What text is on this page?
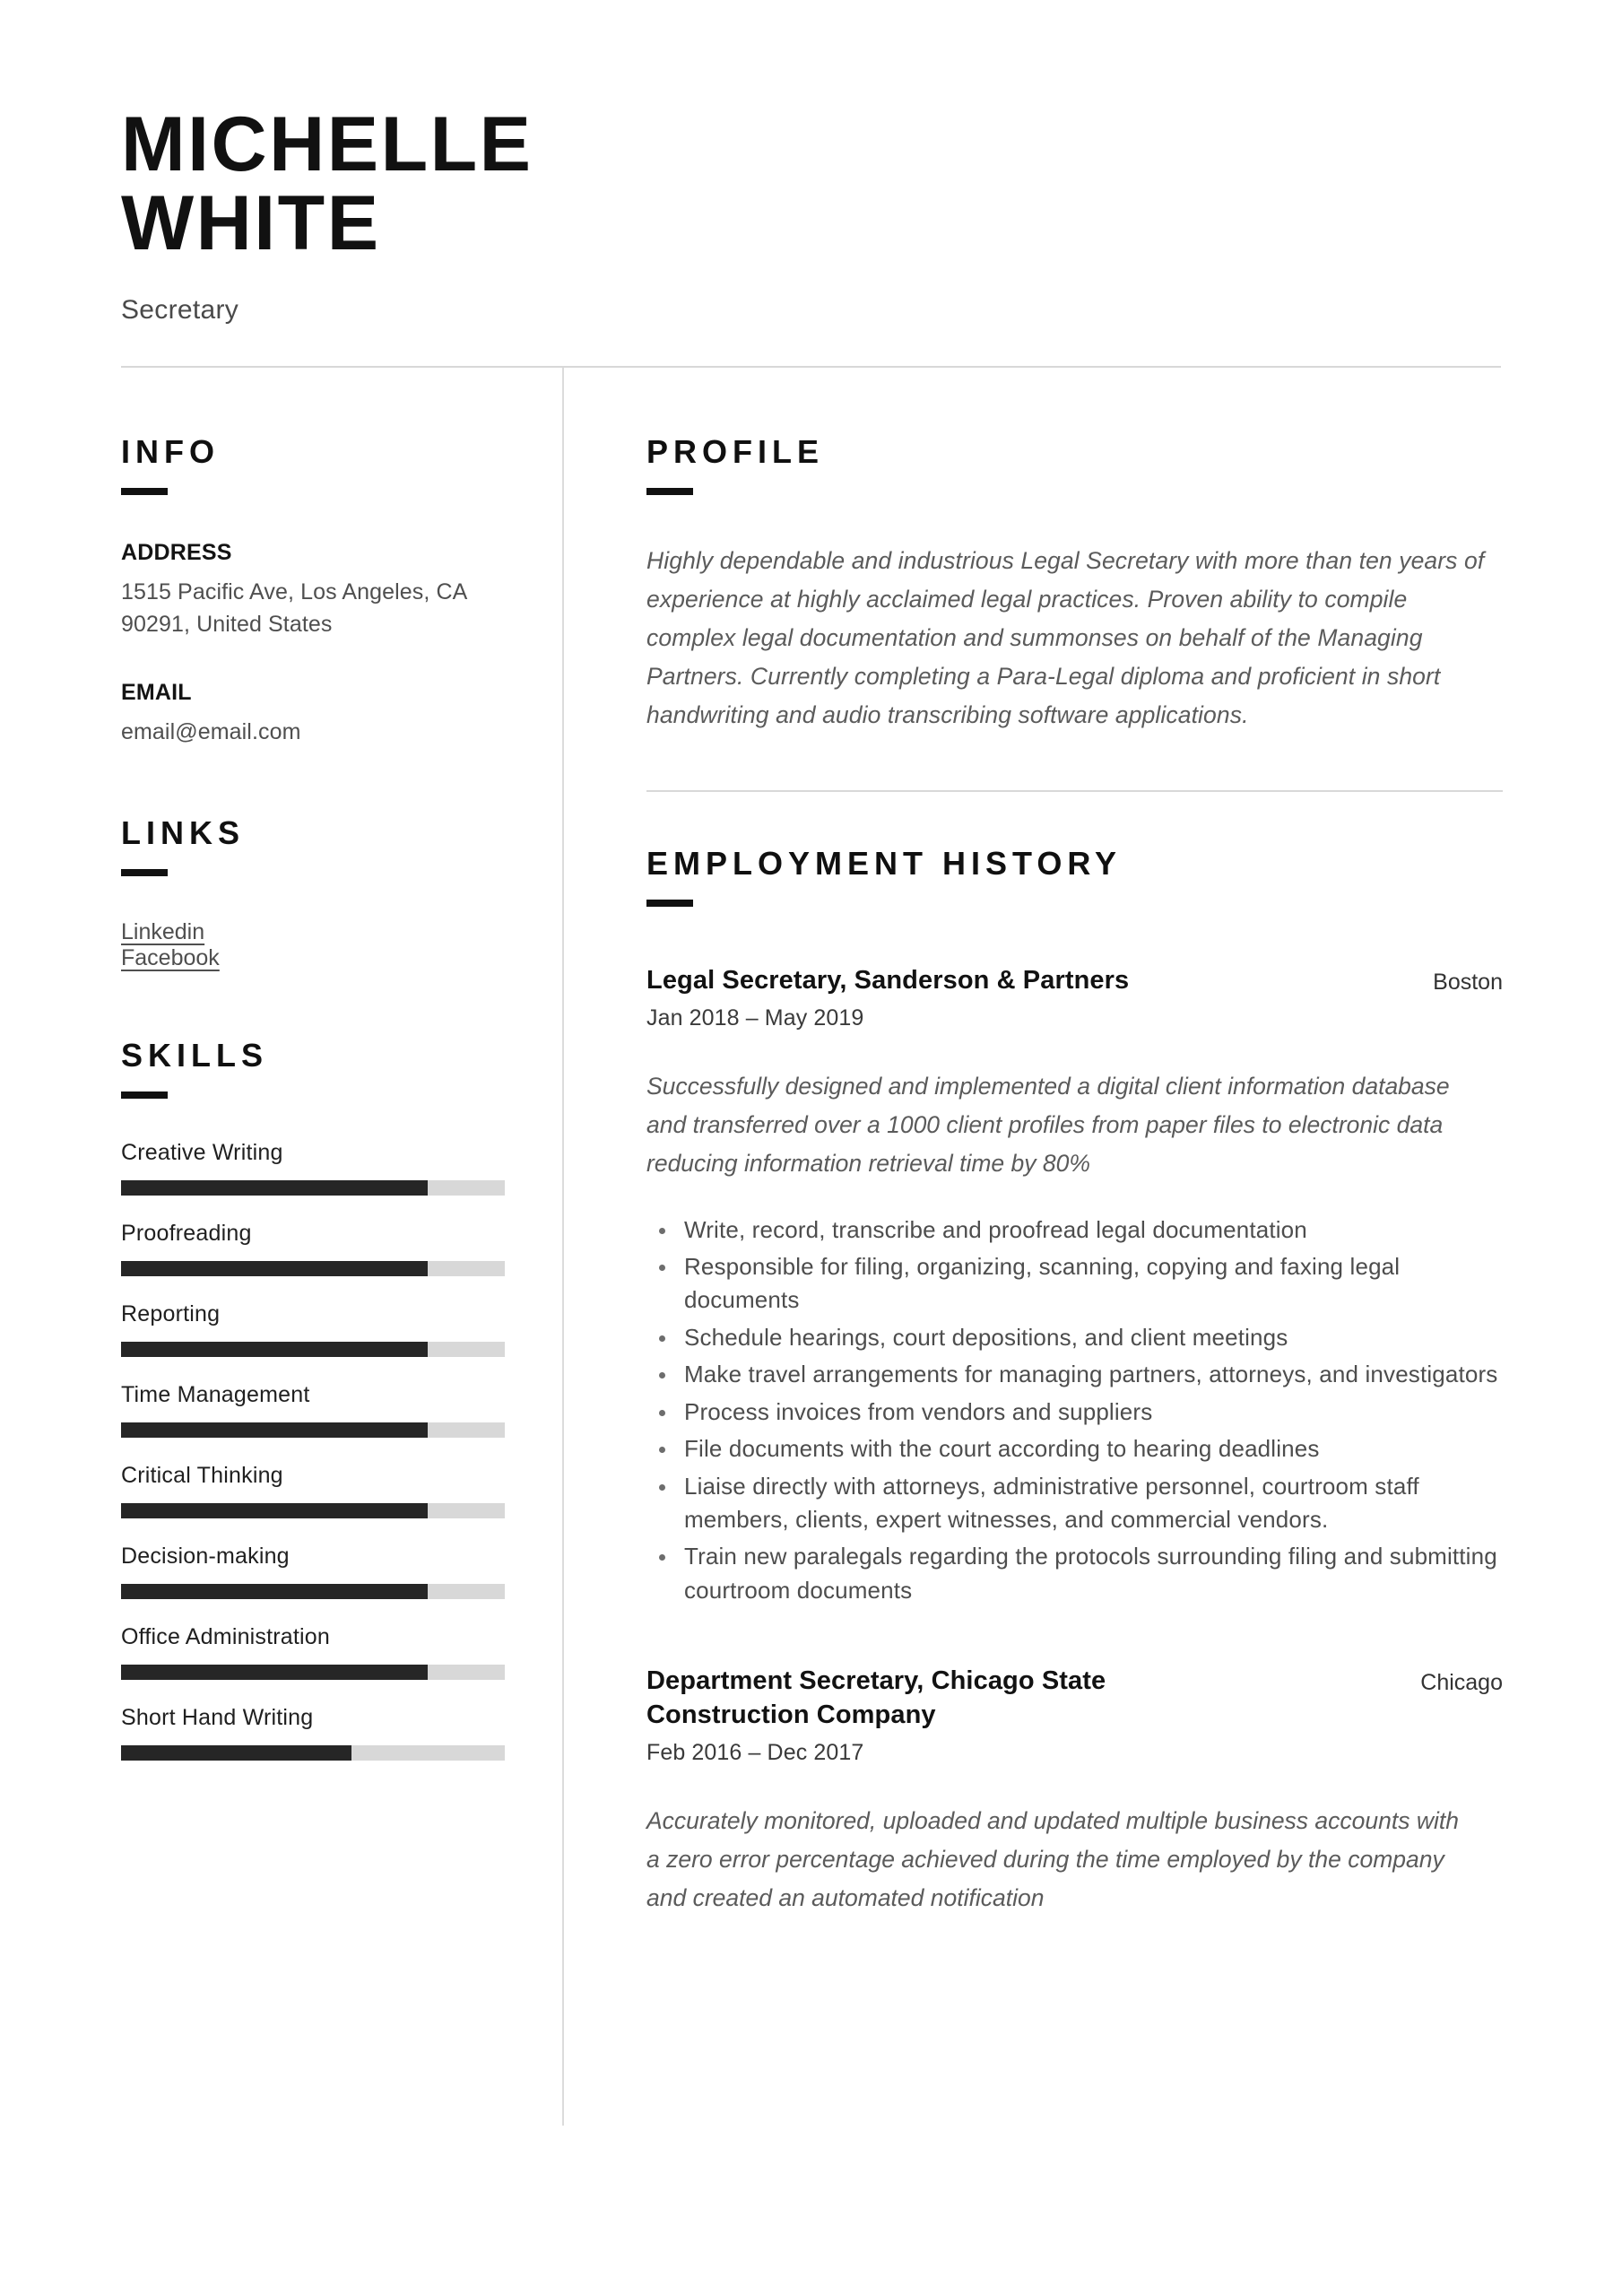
MICHELLE
WHITE
Secretary
INFO
ADDRESS
1515 Pacific Ave, Los Angeles, CA 90291, United States
EMAIL
email@email.com
LINKS
Linkedin
Facebook
SKILLS
Creative Writing
Proofreading
Reporting
Time Management
Critical Thinking
Decision-making
Office Administration
Short Hand Writing
PROFILE
Highly dependable and industrious Legal Secretary with more than ten years of experience at highly acclaimed legal practices. Proven ability to compile complex legal documentation and summonses on behalf of the Managing Partners. Currently completing a Para-Legal diploma and proficient in short handwriting and audio transcribing software applications.
EMPLOYMENT HISTORY
Legal Secretary, Sanderson & Partners	Boston
Jan 2018 – May 2019
Successfully designed and implemented a digital client information database and transferred over a 1000 client profiles from paper files to electronic data reducing information retrieval time by 80%
Write, record, transcribe and proofread legal documentation
Responsible for filing, organizing, scanning, copying and faxing legal documents
Schedule hearings, court depositions, and client meetings
Make travel arrangements for managing partners, attorneys, and investigators
Process invoices from vendors and suppliers
File documents with the court according to hearing deadlines
Liaise directly with attorneys, administrative personnel, courtroom staff members, clients, expert witnesses, and commercial vendors.
Train new paralegals regarding the protocols surrounding filing and submitting courtroom documents
Department Secretary, Chicago State Construction Company
Chicago
Feb 2016 – Dec 2017
Accurately monitored, uploaded and updated multiple business accounts with a zero error percentage achieved during the time employed by the company and created an automated notification
